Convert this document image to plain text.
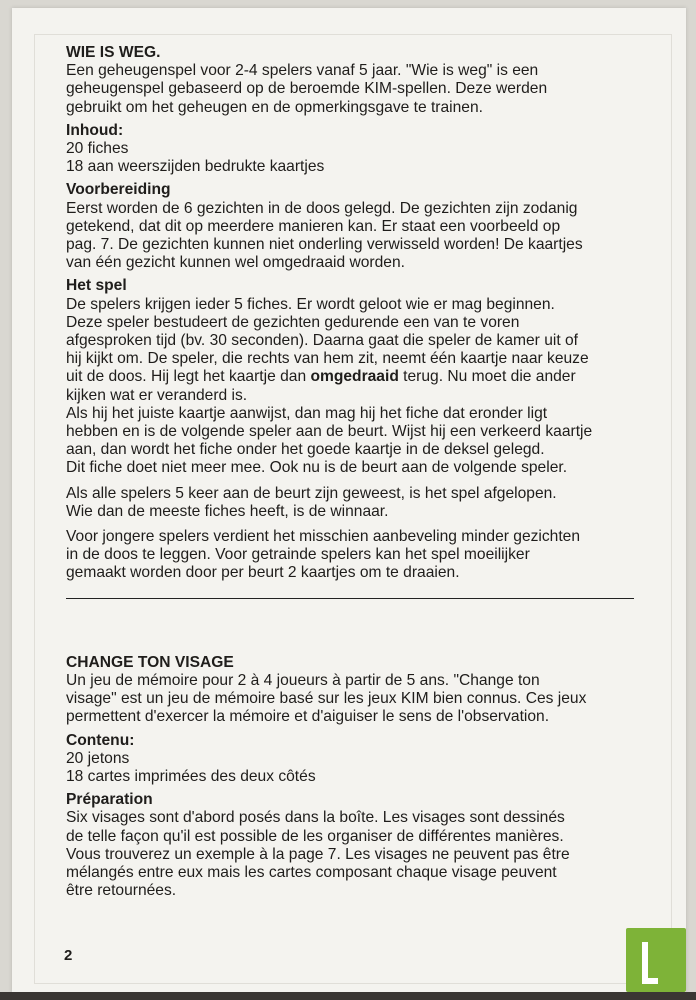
WIE IS WEG.

Een geheugenspel voor 2-4 spelers vanaf 5 jaar. "Wie is weg" is een
geheugenspel gebaseerd op de beroemde KIM-spellen. Deze werden
gebruikt om het geheugen en de opmerkingsgave te trainen.

Inhoud:

20 fiches
18 aan weerszijden bedrukte kaartjes

Voorbereiding

Eerst worden de 6 gezichten in de doos gelegd. De gezichten zijn zodanig
getekend, dat dit op meerdere manieren kan. Er staat een voorbeeld op
pag. 7. De gezichten kunnen niet onderling verwisseld worden! De kaartjes
van één gezicht kunnen wel omgedraaid worden.

Het spel

De spelers krijgen ieder 5 fiches. Er wordt geloot wie er mag beginnen.
Deze speler bestudeert de gezichten gedurende een van te voren
afgesproken tijd (bv. 30 seconden). Daarna gaat die speler de kamer uit of
hij kijkt om. De speler, die rechts van hem zit, neemt één kaartje naar keuze
uit de doos. Hij legt het kaartje dan omgedraaid terug. Nu moet die ander
kijken wat er veranderd is.
Als hij het juiste kaartje aanwijst, dan mag hij het fiche dat eronder ligt
hebben en is de volgende speler aan de beurt. Wijst hij een verkeerd kaartje
aan, dan wordt het fiche onder het goede kaartje in de deksel gelegd.
Dit fiche doet niet meer mee. Ook nu is de beurt aan de volgende speler.

Als alle spelers 5 keer aan de beurt zijn geweest, is het spel afgelopen.
Wie dan de meeste fiches heeft, is de winnaar.

Voor jongere spelers verdient het misschien aanbeveling minder gezichten
in de doos te leggen. Voor getrainde spelers kan het spel moeilijker
gemaakt worden door per beurt 2 kaartjes om te draaien.

CHANGE TON VISAGE

Un jeu de mémoire pour 2 à 4 joueurs à partir de 5 ans. "Change ton
visage" est un jeu de mémoire basé sur les jeux KIM bien connus. Ces jeux
permettent d'exercer la mémoire et d'aiguiser le sens de l'observation.

Contenu:

20 jetons
18 cartes imprimées des deux côtés

Préparation

Six visages sont d'abord posés dans la boîte. Les visages sont dessinés
de telle façon qu'il est possible de les organiser de différentes manières.
Vous trouverez un exemple à la page 7. Les visages ne peuvent pas être
mélangés entre eux mais les cartes composant chaque visage peuvent
être retournées.

2
